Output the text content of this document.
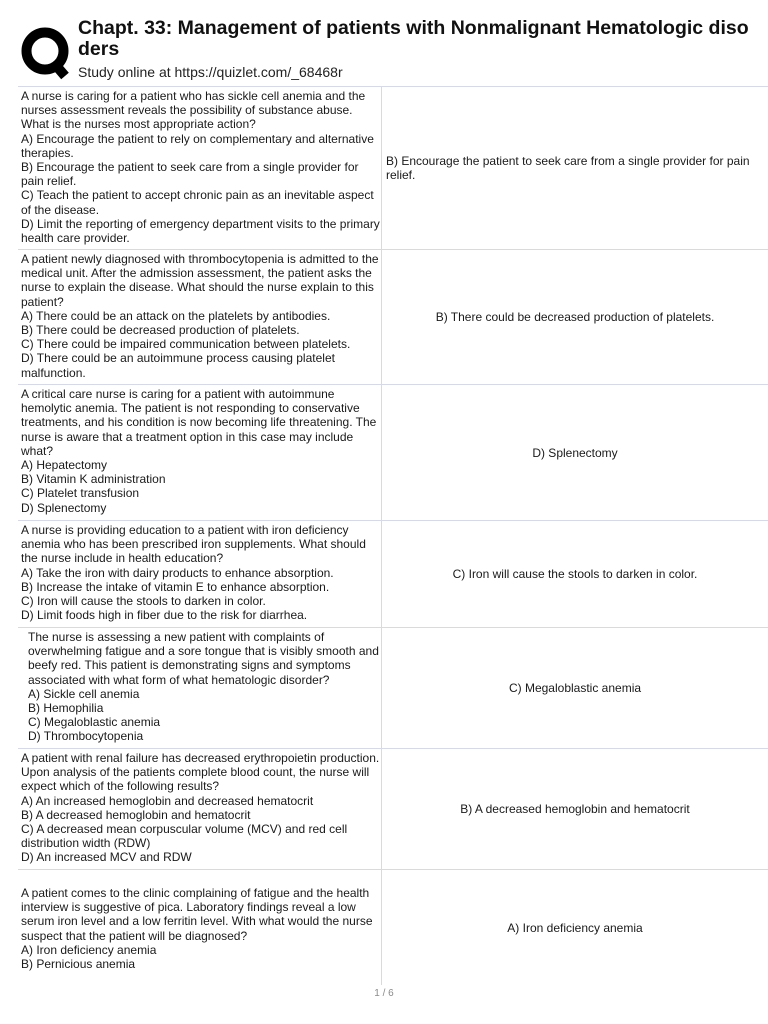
Chapt. 33: Management of patients with Nonmalignant Hematologic diso ders
Study online at https://quizlet.com/_68468r
A nurse is caring for a patient who has sickle cell anemia and the nurses assessment reveals the possibility of substance abuse. What is the nurses most appropriate action?
A) Encourage the patient to rely on complementary and alternative therapies.
B) Encourage the patient to seek care from a single provider for pain relief.
C) Teach the patient to accept chronic pain as an inevitable aspect of the disease.
D) Limit the reporting of emergency department visits to the primary health care provider.
B) Encourage the patient to seek care from a single provider for pain relief.
A patient newly diagnosed with thrombocytopenia is admitted to the medical unit. After the admission assessment, the patient asks the nurse to explain the disease. What should the nurse explain to this patient?
A) There could be an attack on the platelets by antibodies.
B) There could be decreased production of platelets.
C) There could be impaired communication between platelets.
D) There could be an autoimmune process causing platelet malfunction.
B) There could be decreased production of platelets.
A critical care nurse is caring for a patient with autoimmune hemolytic anemia. The patient is not responding to conservative treatments, and his condition is now becoming life threatening. The nurse is aware that a treatment option in this case may include what?
A) Hepatectomy
B) Vitamin K administration
C) Platelet transfusion
D) Splenectomy
D) Splenectomy
A nurse is providing education to a patient with iron deficiency anemia who has been prescribed iron supplements. What should the nurse include in health education?
A) Take the iron with dairy products to enhance absorption.
B) Increase the intake of vitamin E to enhance absorption.
C) Iron will cause the stools to darken in color.
D) Limit foods high in fiber due to the risk for diarrhea.
C) Iron will cause the stools to darken in color.
The nurse is assessing a new patient with complaints of overwhelming fatigue and a sore tongue that is visibly smooth and beefy red. This patient is demonstrating signs and symptoms associated with what form of what hematologic disorder?
A) Sickle cell anemia
B) Hemophilia
C) Megaloblastic anemia
D) Thrombocytopenia
C) Megaloblastic anemia
A patient with renal failure has decreased erythropoietin production. Upon analysis of the patients complete blood count, the nurse will expect which of the following results?
A) An increased hemoglobin and decreased hematocrit
B) A decreased hemoglobin and hematocrit
C) A decreased mean corpuscular volume (MCV) and red cell distribution width (RDW)
D) An increased MCV and RDW
B) A decreased hemoglobin and hematocrit
A patient comes to the clinic complaining of fatigue and the health interview is suggestive of pica. Laboratory findings reveal a low serum iron level and a low ferritin level. With what would the nurse suspect that the patient will be diagnosed?
A) Iron deficiency anemia
B) Pernicious anemia
A) Iron deficiency anemia
1 / 6
